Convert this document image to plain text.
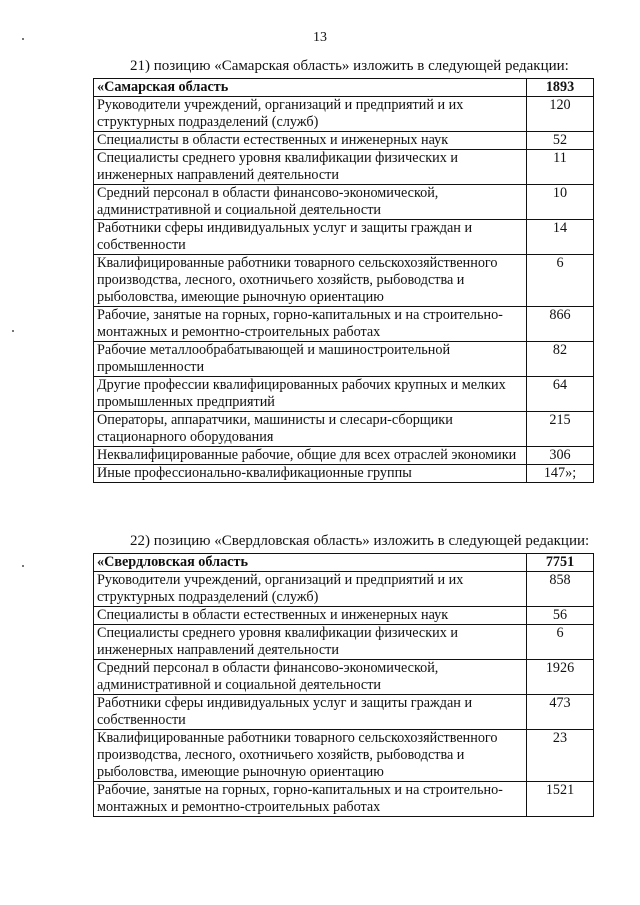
13
21) позицию «Самарская область» изложить в следующей редакции:
«Самарская область	1893
Руководители учреждений, организаций и предприятий и их структурных подразделений (служб)	120
Специалисты в области естественных и инженерных наук	52
Специалисты среднего уровня квалификации физических и инженерных направлений деятельности	11
Средний персонал в области финансово-экономической, административной и социальной деятельности	10
Работники сферы индивидуальных услуг и защиты граждан и собственности	14
Квалифицированные работники товарного сельскохозяйственного производства, лесного, охотничьего хозяйств, рыбоводства и рыболовства, имеющие рыночную ориентацию	6
Рабочие, занятые на горных, горно-капитальных и на строительно-монтажных и ремонтно-строительных работах	866
Рабочие металлообрабатывающей и машиностроительной промышленности	82
Другие профессии квалифицированных рабочих крупных и мелких промышленных предприятий	64
Операторы, аппаратчики, машинисты и слесари-сборщики стационарного оборудования	215
Неквалифицированные рабочие, общие для всех отраслей экономики	306
Иные профессионально-квалификационные группы	147»;
22) позицию «Свердловская область» изложить в следующей редакции:
«Свердловская область	7751
Руководители учреждений, организаций и предприятий и их структурных подразделений (служб)	858
Специалисты в области естественных и инженерных наук	56
Специалисты среднего уровня квалификации физических и инженерных направлений деятельности	6
Средний персонал в области финансово-экономической, административной и социальной деятельности	1926
Работники сферы индивидуальных услуг и защиты граждан и собственности	473
Квалифицированные работники товарного сельскохозяйственного производства, лесного, охотничьего хозяйств, рыбоводства и рыболовства, имеющие рыночную ориентацию	23
Рабочие, занятые на горных, горно-капитальных и на строительно-монтажных и ремонтно-строительных работах	1521
